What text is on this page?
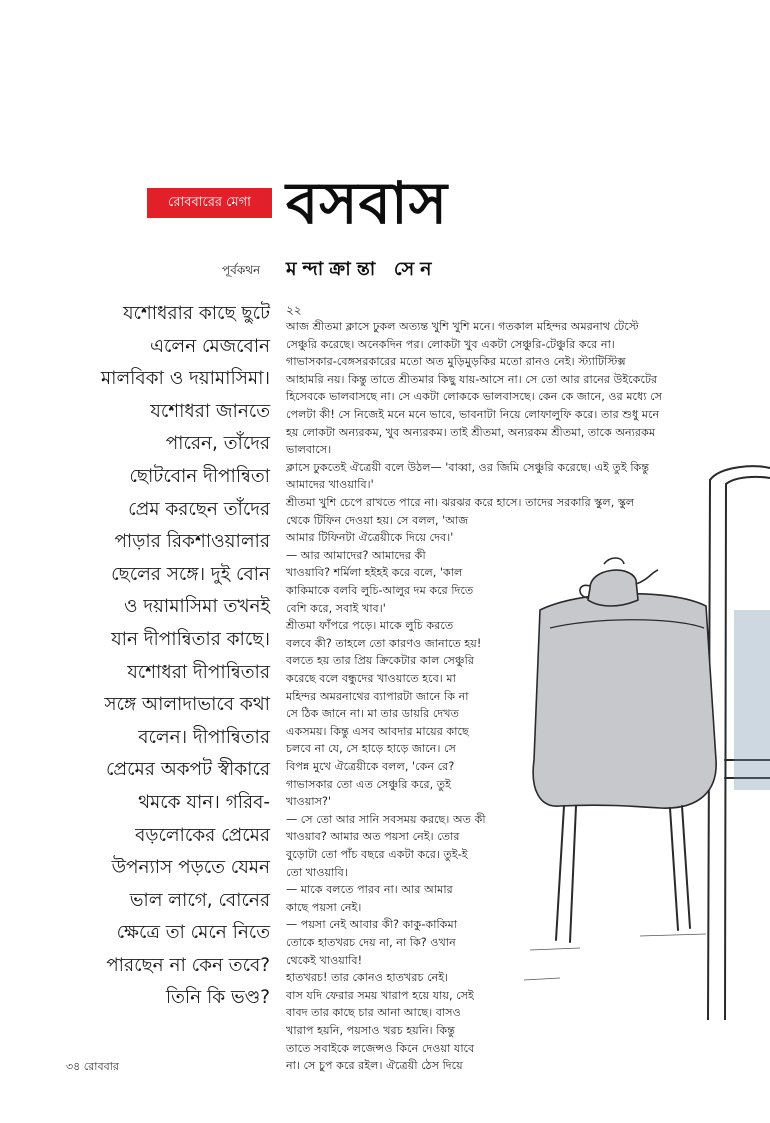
রোববারের মেগা বসবাস
পূর্বকথন মন্দাক্রান্তা সেন

যশোধরার কাছে ছুটে

এলেন মেজবোন

মালবিকা ও দয়ামাসিমা।

যশোধরা জানতে

পারেন, তাঁদের

ছোটবোন দীপান্বিতা

প্রেম করছেন তাঁদের

পাড়ার রিকশাওয়ালার

ছেলের সঙ্গে। দুই বোন

ও দয়ামাসিমা তখনই

যান দীপান্বিতার কাছে।

যশোধরা দীপান্বিতার

সঙ্গে আলাদাভাবে কথা

বলেন। দীপান্বিতার

প্রেমের অকপট স্বীকারে

থমকে যান। গরিব-

বড়লোকের প্রেমের

উপন্যাস পড়তে যেমন

ভাল লাগে, বোনের

ক্ষেত্রে তা মেনে নিতে

পারছেন না কেন তবে?

তিনি কি ভণ্ড?

২২
আজ শ্রীতমা ক্লাসে ঢুকল অত্যন্ত খুশি খুশি মনে। গতকাল মহিন্দর অমরনাথ টেস্টে
সেঞ্চুরি করেছে। অনেকদিন পর। লোকটা খুব একটা সেঞ্চুরি-টেঞ্চুরি করে না।
গাভাসকার-বেঙ্গসরকারের মতো অত মুড়িমুড়কির মতো রানও নেই। স্ট্যাটিস্টিক্স
আহামরি নয়। কিন্তু তাতে শ্রীতমার কিছু যায়-আসে না। সে তো আর রানের উইকেটের
হিসেবকে ভালবাসছে না। সে একটা লোককে ভালবাসছে। কেন কে জানে, ওর মধ্যে সে
পেলটা কী! সে নিজেই মনে মনে ভাবে, ভাবনাটা নিয়ে লোফালুফি করে। তার শুধু মনে
হয় লোকটা অন্যরকম, খুব অন্যরকম। তাই শ্রীতমা, অন্যরকম শ্রীতমা, তাকে অন্যরকম
ভালবাসে।
ক্লাসে ঢুকতেই ঐত্রেয়ী বলে উঠল— 'বাব্বা, ওর জিমি সেঞ্চুরি করেছে। এই তুই কিন্তু
আমাদের খাওয়াবি।'
শ্রীতমা খুশি চেপে রাখতে পারে না। ঝরঝর করে হাসে। তাদের সরকারি স্কুল, স্কুল
থেকে টিফিন দেওয়া হয়। সে বলল, 'আজ
আমার টিফিনটা ঐত্রেয়ীকে দিয়ে দেব।'
— আর আমাদের? আমাদের কী
খাওয়াবি? শর্মিলা হইহই করে বলে, 'কাল
কাকিমাকে বলবি লুচি-আলুর দম করে দিতে
বেশি করে, সবাই খাব।'
শ্রীতমা ফাঁপরে পড়ে। মাকে লুচি করতে
বলবে কী? তাহলে তো কারণও জানাতে হয়!
বলতে হয় তার প্রিয় ক্রিকেটার কাল সেঞ্চুরি
করেছে বলে বন্ধুদের খাওয়াতে হবে। মা
মহিন্দর অমরনাথের ব্যাপারটা জানে কি না
সে ঠিক জানে না। মা তার ডায়রি দেখত
একসময়। কিন্তু এসব আবদার মায়ের কাছে
চলবে না যে, সে হাড়ে হাড়ে জানে। সে
বিপন্ন মুখে ঐত্রেয়ীকে বলল, 'কেন রে?
গাভাসকার তো এত সেঞ্চুরি করে, তুই
খাওয়াস?'
— সে তো আর সানি সবসময় করছে। অত কী
খাওয়াব? আমার অত পয়সা নেই। তোর
বুড়োটা তো পাঁচ বছরে একটা করে। তুই-ই
তো খাওয়াবি।
— মাকে বলতে পারব না। আর আমার
কাছে পয়সা নেই।
— পয়সা নেই আবার কী? কাকু-কাকিমা
তোকে হাতখরচ দেয় না, না কি? ওখান
থেকেই খাওয়াবি!
হাতখরচ! তার কোনও হাতখরচ নেই।
বাস যদি ফেরার সময় খারাপ হয়ে যায়, সেই
বাবদ তার কাছে চার আনা আছে। বাসও
খারাপ হয়নি, পয়সাও খরচ হয়নি। কিন্তু
তাতে সবাইকে লজেন্সও কিনে দেওয়া যাবে
না। সে চুপ করে রইল। ঐত্রেয়ী ঠেস দিয়ে
৩৪ রোববার
